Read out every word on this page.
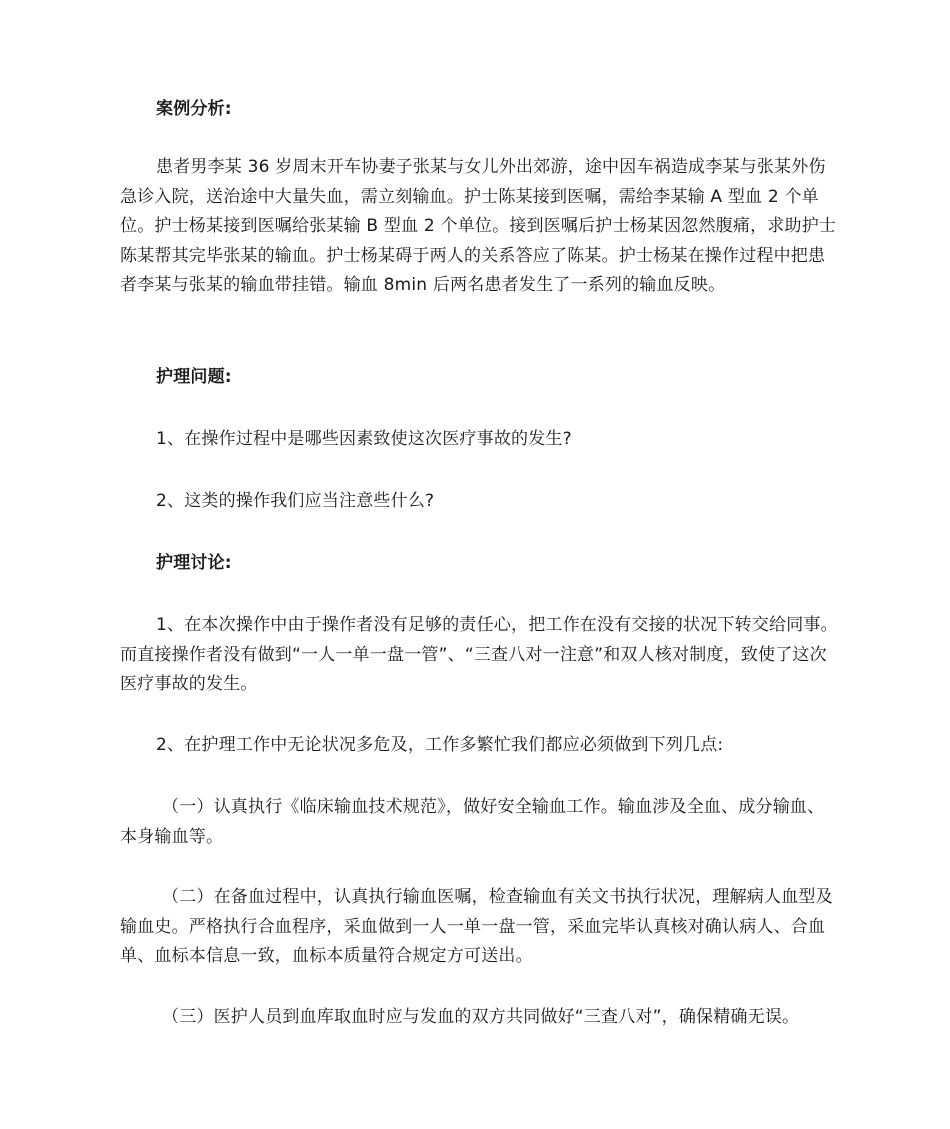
案例分析:
患者男李某 36 岁周末开车协妻子张某与女儿外出郊游，途中因车祸造成李某与张某外伤急诊入院，送治途中大量失血，需立刻输血。护士陈某接到医嘱，需给李某输 A 型血 2 个单位。护士杨某接到医嘱给张某输 B 型血 2 个单位。接到医嘱后护士杨某因忽然腹痛，求助护士陈某帮其完毕张某的输血。护士杨某碍于两人的关系答应了陈某。护士杨某在操作过程中把患者李某与张某的输血带挂错。输血 8min 后两名患者发生了一系列的输血反映。
护理问题:
1、在操作过程中是哪些因素致使这次医疗事故的发生?
2、这类的操作我们应当注意些什么?
护理讨论:
1、在本次操作中由于操作者没有足够的责任心，把工作在没有交接的状况下转交给同事。而直接操作者没有做到“一人一单一盘一管”、“三查八对一注意”和双人核对制度，致使了这次医疗事故的发生。
2、在护理工作中无论状况多危及，工作多繁忙我们都应必须做到下列几点:
（一）认真执行《临床输血技术规范》，做好安全输血工作。输血涉及全血、成分输血、本身输血等。
（二）在备血过程中，认真执行输血医嘱，检查输血有关文书执行状况，理解病人血型及输血史。严格执行合血程序，采血做到一人一单一盘一管，采血完毕认真核对确认病人、合血单、血标本信息一致，血标本质量符合规定方可送出。
（三）医护人员到血库取血时应与发血的双方共同做好“三查八对”，确保精确无误。
